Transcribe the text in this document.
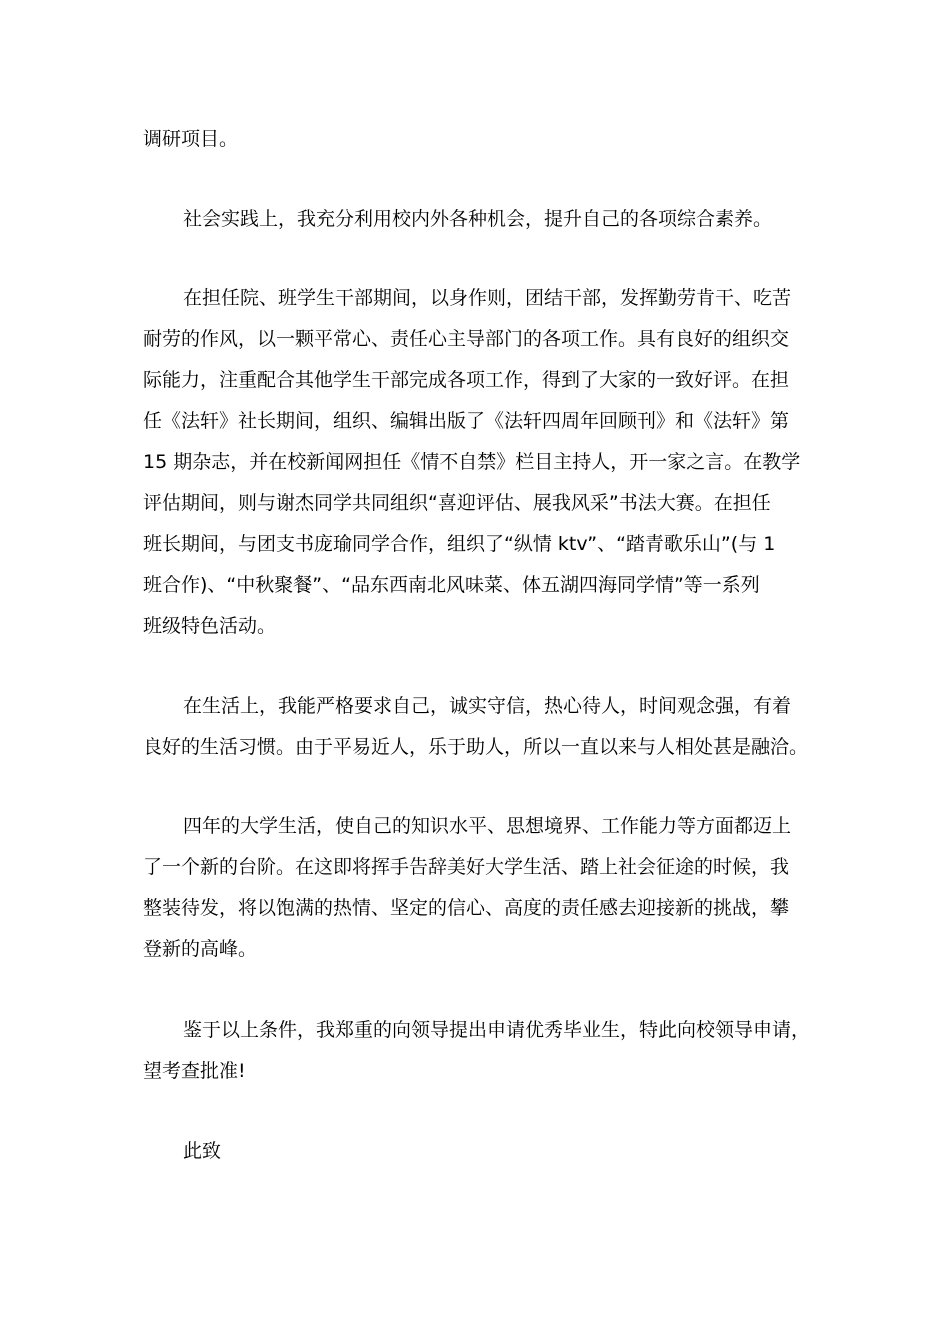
调研项目。
社会实践上，我充分利用校内外各种机会，提升自己的各项综合素养。
在担任院、班学生干部期间，以身作则，团结干部，发挥勤劳肯干、吃苦
耐劳的作风，以一颗平常心、责任心主导部门的各项工作。具有良好的组织交
际能力，注重配合其他学生干部完成各项工作，得到了大家的一致好评。在担
任《法轩》社长期间，组织、编辑出版了《法轩四周年回顾刊》和《法轩》第
15 期杂志，并在校新闻网担任《情不自禁》栏目主持人，开一家之言。在教学
评估期间，则与谢杰同学共同组织“喜迎评估、展我风采”书法大赛。在担任
班长期间，与团支书庞瑜同学合作，组织了“纵情 ktv”、“踏青歌乐山”(与 1
班合作)、“中秋聚餐”、“品东西南北风味菜、体五湖四海同学情”等一系列
班级特色活动。
在生活上，我能严格要求自己，诚实守信，热心待人，时间观念强，有着
良好的生活习惯。由于平易近人，乐于助人，所以一直以来与人相处甚是融洽。
四年的大学生活，使自己的知识水平、思想境界、工作能力等方面都迈上
了一个新的台阶。在这即将挥手告辞美好大学生活、踏上社会征途的时候，我
整装待发，将以饱满的热情、坚定的信心、高度的责任感去迎接新的挑战，攀
登新的高峰。
鉴于以上条件，我郑重的向领导提出申请优秀毕业生，特此向校领导申请，
望考查批准!
此致
